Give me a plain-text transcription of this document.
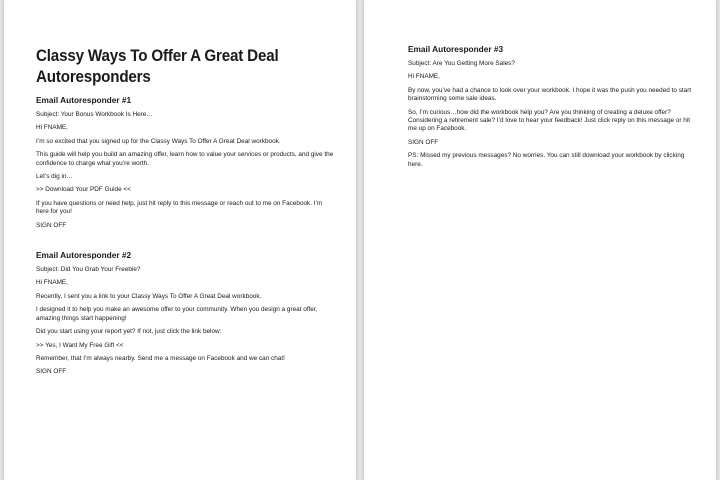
Classy Ways To Offer A Great Deal Autoresponders
Email Autoresponder #1

Subject: Your Bonus Workbook Is Here…

Hi FNAME,

I’m so excited that you signed up for the Classy Ways To Offer A Great Deal workbook.

This guide will help you build an amazing offer, learn how to value your services or products, and give the confidence to charge what you’re worth.

Let’s dig in…

>> Download Your PDF Guide <<

If you have questions or need help, just hit reply to this message or reach out to me on Facebook. I’m here for you!

SIGN OFF

Email Autoresponder #2

Subject: Did You Grab Your Freebie?

Hi FNAME,

Recently, I sent you a link to your Classy Ways To Offer A Great Deal workbook.

I designed it to help you make an awesome offer to your community. When you design a great offer, amazing things start happening!

Did you start using your report yet? If not, just click the link below:

>> Yes, I Want My Free Gift <<

Remember, that I’m always nearby. Send me a message on Facebook and we can chat!

SIGN OFF

Email Autoresponder #3

Subject: Are You Getting More Sales?

Hi FNAME,

By now, you’ve had a chance to look over your workbook. I hope it was the push you needed to start brainstorming some sale ideas.

So, I’m curious…how did the workbook help you? Are you thinking of creating a deluxe offer? Considering a retirement sale? I’d love to hear your feedback! Just click reply on this message or hit me up on Facebook.

SIGN OFF

PS: Missed my previous messages? No worries. You can still download your workbook by clicking here.
